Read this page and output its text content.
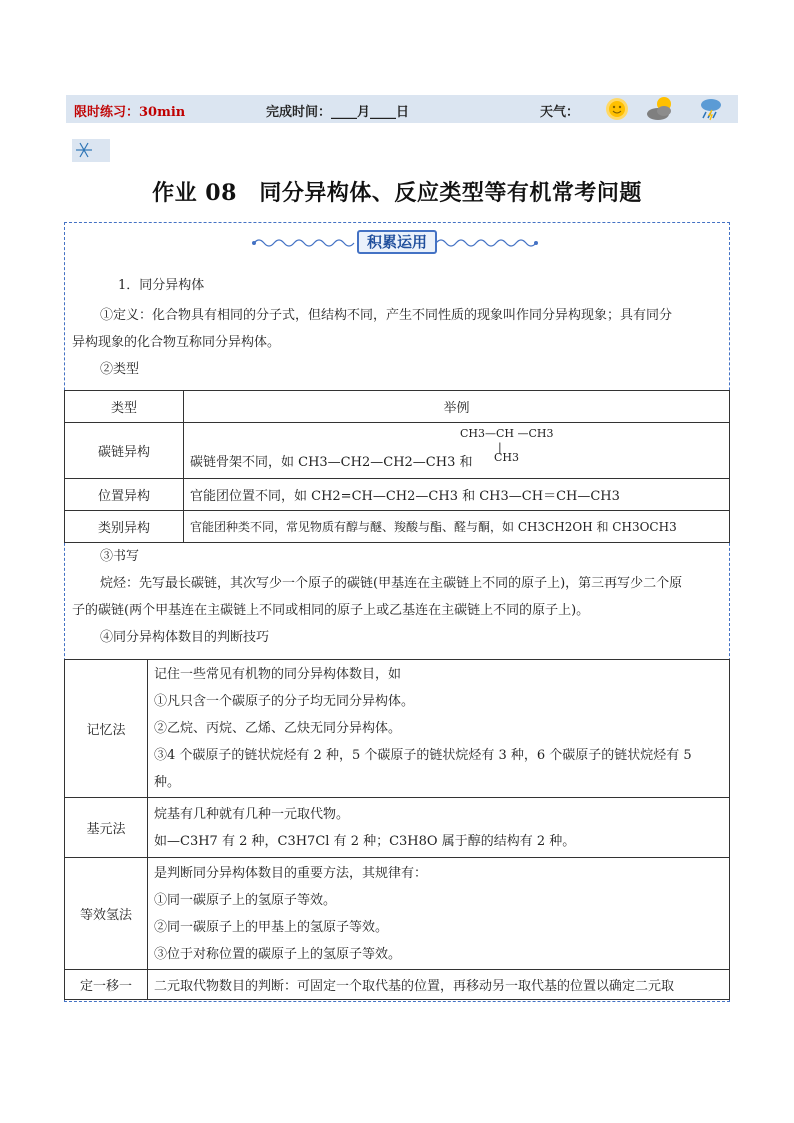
限时练习：30min	完成时间：____月____日	天气：
作业 08　同分异构体、反应类型等有机常考问题
积累运用
1．同分异构体
①定义：化合物具有相同的分子式，但结构不同，产生不同性质的现象叫作同分异构现象；具有同分
异构现象的化合物互称同分异构体。
②类型
类型	举例
碳链异构	碳链骨架不同，如 CH3—CH2—CH2—CH3 和
CH3—CH —CH3
|
CH3

位置异构	官能团位置不同，如 CH2=CH—CH2—CH3 和 CH3—CH＝CH—CH3
类别异构	官能团种类不同，常见物质有醇与醚、羧酸与酯、醛与酮，如 CH3CH2OH 和 CH3OCH3
③书写
烷烃：先写最长碳链，其次写少一个原子的碳链(甲基连在主碳链上不同的原子上)，第三再写少二个原
子的碳链(两个甲基连在主碳链上不同或相同的原子上或乙基连在主碳链上不同的原子上)。
④同分异构体数目的判断技巧
记忆法	记住一些常见有机物的同分异构体数目，如
①凡只含一个碳原子的分子均无同分异构体。
②乙烷、丙烷、乙烯、乙炔无同分异构体。
③4 个碳原子的链状烷烃有 2 种，5 个碳原子的链状烷烃有 3 种，6 个碳原子的链状烷烃有 5
种。

基元法	烷基有几种就有几种一元取代物。
如—C3H7 有 2 种，C3H7Cl 有 2 种；C3H8O 属于醇的结构有 2 种。

等效氢法	是判断同分异构体数目的重要方法，其规律有：
①同一碳原子上的氢原子等效。
②同一碳原子上的甲基上的氢原子等效。
③位于对称位置的碳原子上的氢原子等效。

定一移一	二元取代物数目的判断：可固定一个取代基的位置，再移动另一取代基的位置以确定二元取
